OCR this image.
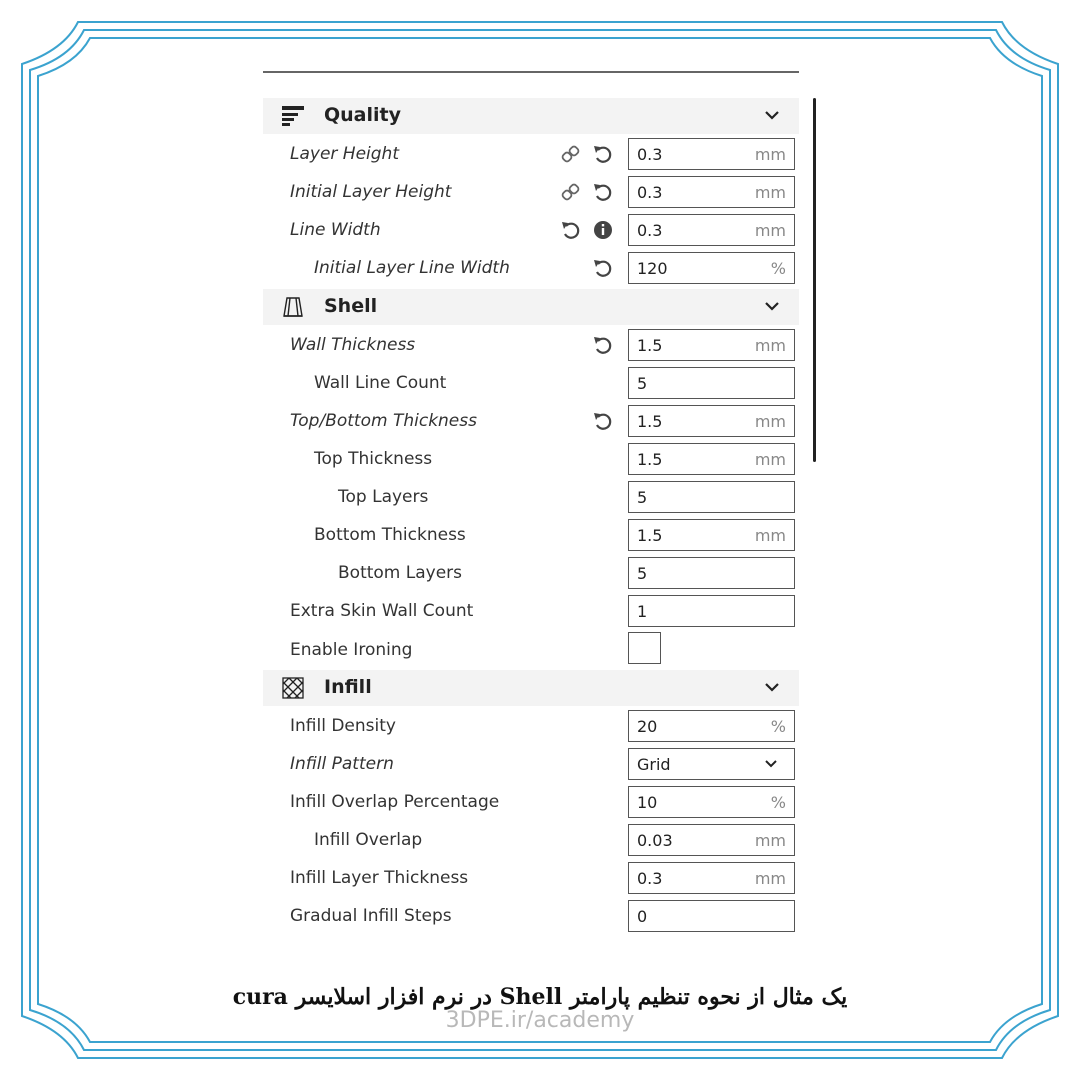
Quality
Layer Height	0.3	mm
Initial Layer Height	0.3	mm
Line Width	0.3	mm
Initial Layer Line Width	120	%
Shell
Wall Thickness	1.5	mm
Wall Line Count	5
Top/Bottom Thickness	1.5	mm
Top Thickness	1.5	mm
Top Layers	5
Bottom Thickness	1.5	mm
Bottom Layers	5
Extra Skin Wall Count	1
Enable Ironing
Infill
Infill Density	20	%
Infill Pattern	Grid
Infill Overlap Percentage	10	%
Infill Overlap	0.03	mm
Infill Layer Thickness	0.3	mm
Gradual Infill Steps	0
یک مثال از نحوه تنظیم پارامتر Shell در نرم افزار اسلایسر cura
3DPE.ir/academy
